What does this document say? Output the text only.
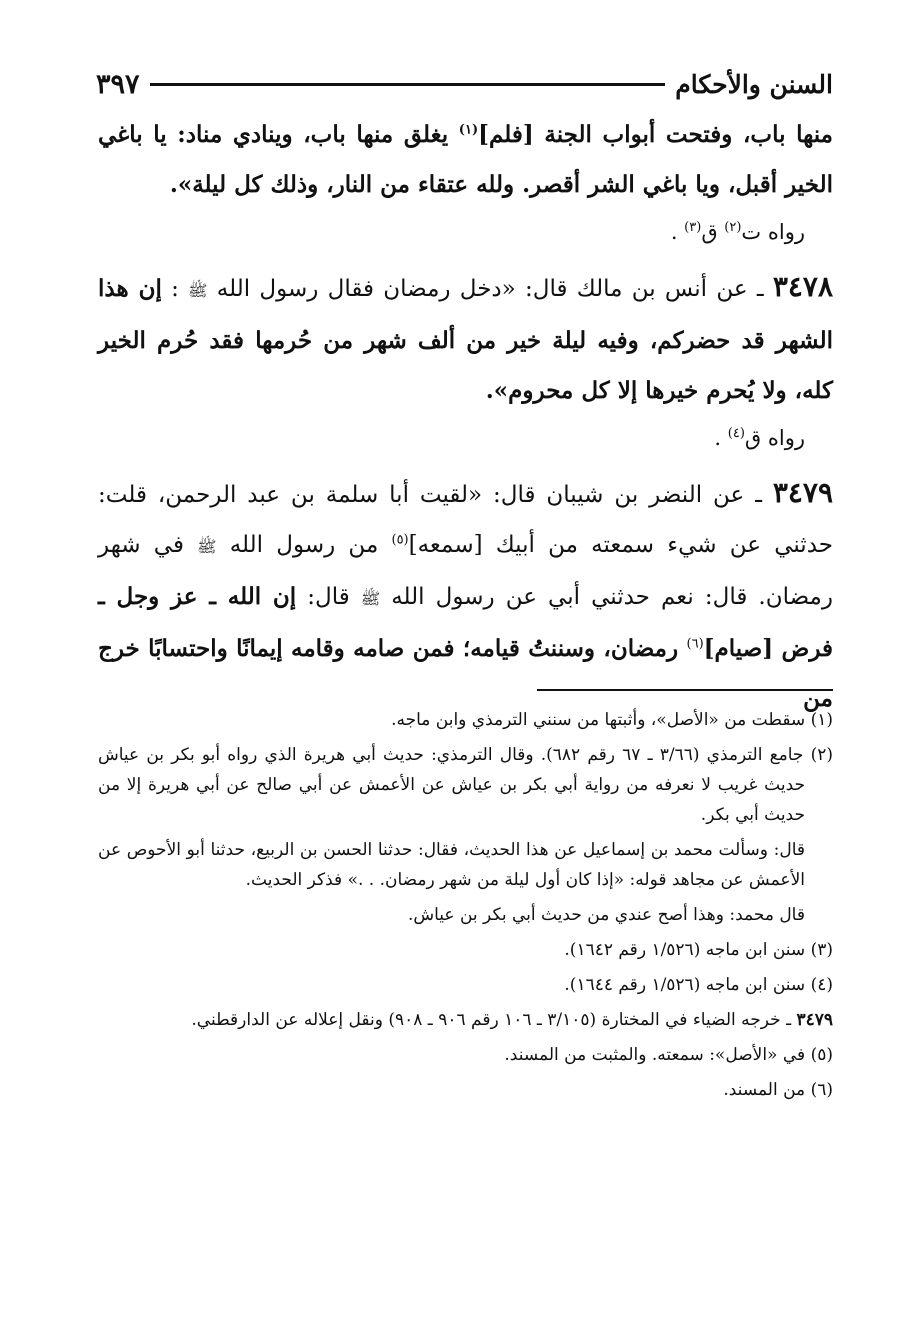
السنن والأحكام
٣٩٧

منها باب، وفتحت أبواب الجنة [فلم]$^{(١)}$ يغلق منها باب، وينادي مناد: يا باغي الخير أقبل، ويا باغي الشر أقصر. ولله عتقاء من النار، وذلك كل ليلة».

رواه ت$^{(٢)}$ ق$^{(٣)}$ .

٣٤٧٨ ـ عن أنس بن مالك قال: «دخل رمضان فقال رسول الله ﷺ : إن هذا الشهر قد حضركم، وفيه ليلة خير من ألف شهر من حُرمها فقد حُرم الخير كله، ولا يُحرم خيرها إلا كل محروم».

رواه ق$^{(٤)}$ .

٣٤٧٩ ـ عن النضر بن شيبان قال: «لقيت أبا سلمة بن عبد الرحمن، قلت: حدثني عن شيء سمعته من أبيك [سمعه]$^{(٥)}$ من رسول الله ﷺ في شهر رمضان. قال: نعم حدثني أبي عن رسول الله ﷺ قال: إن الله ـ عز وجل ـ فرض [صيام]$^{(٦)}$ رمضان، وسننتُ قيامه؛ فمن صامه وقامه إيمانًا واحتسابًا خرج من

(١) سقطت من «الأصل»، وأثبتها من سنني الترمذي وابن ماجه.

(٢) جامع الترمذي (٣/٦٦ ـ ٦٧ رقم ٦٨٢). وقال الترمذي: حديث أبي هريرة الذي رواه أبو بكر بن عياش حديث غريب لا نعرفه من رواية أبي بكر بن عياش عن الأعمش عن أبي صالح عن أبي هريرة إلا من حديث أبي بكر.

قال: وسألت محمد بن إسماعيل عن هذا الحديث، فقال: حدثنا الحسن بن الربيع، حدثنا أبو الأحوص عن الأعمش عن مجاهد قوله: «إذا كان أول ليلة من شهر رمضان. . .» فذكر الحديث.

قال محمد: وهذا أصح عندي من حديث أبي بكر بن عياش.

(٣) سنن ابن ماجه (١/٥٢٦ رقم ١٦٤٢).

(٤) سنن ابن ماجه (١/٥٢٦ رقم ١٦٤٤).

٣٤٧٩ ـ خرجه الضياء في المختارة (٣/١٠٥ ـ ١٠٦ رقم ٩٠٦ ـ ٩٠٨) ونقل إعلاله عن الدارقطني.

(٥) في «الأصل»: سمعته. والمثبت من المسند.

(٦) من المسند.
